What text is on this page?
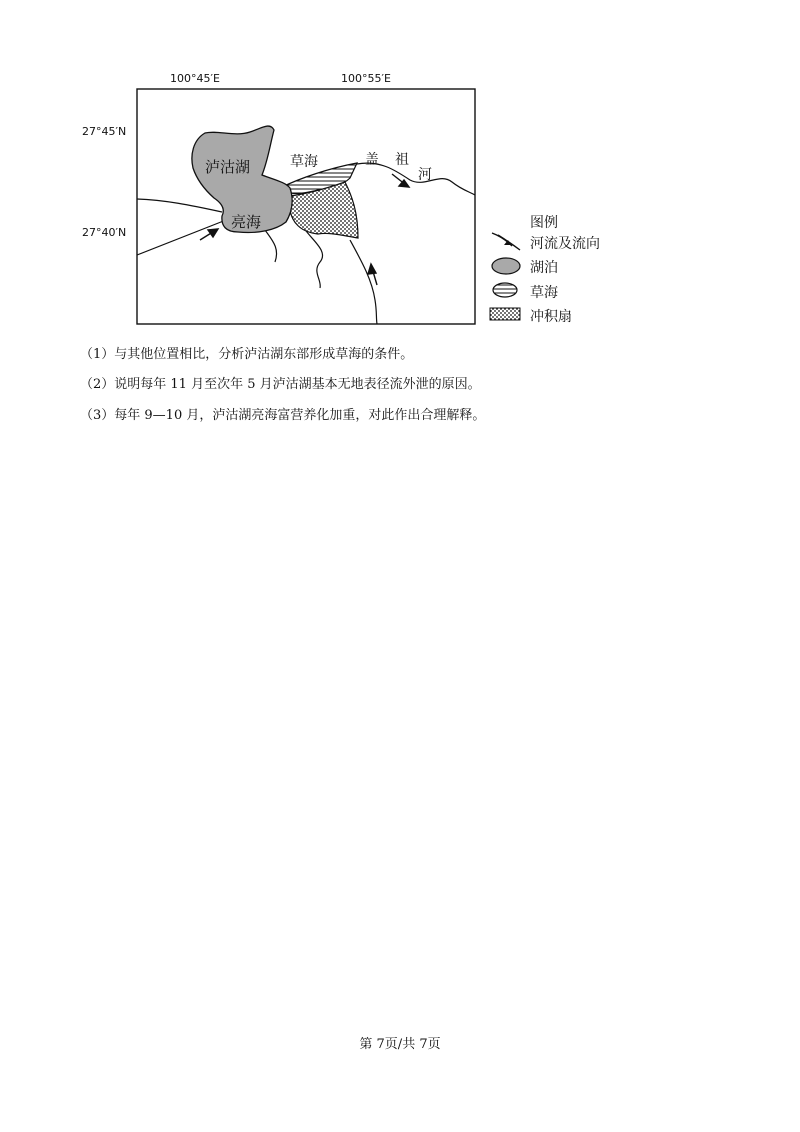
100°45′E	100°55′E
27°45′N
27°40′N
泸沽湖
亮海
草海	盖 祖
河
图例
河流及流向
湖泊
草海
冲积扇
（1）与其他位置相比，分析泸沽湖东部形成草海的条件。
（2）说明每年 11 月至次年 5 月泸沽湖基本无地表径流外泄的原因。
（3）每年 9—10 月，泸沽湖亮海富营养化加重，对此作出合理解释。
第 7页/共 7页
